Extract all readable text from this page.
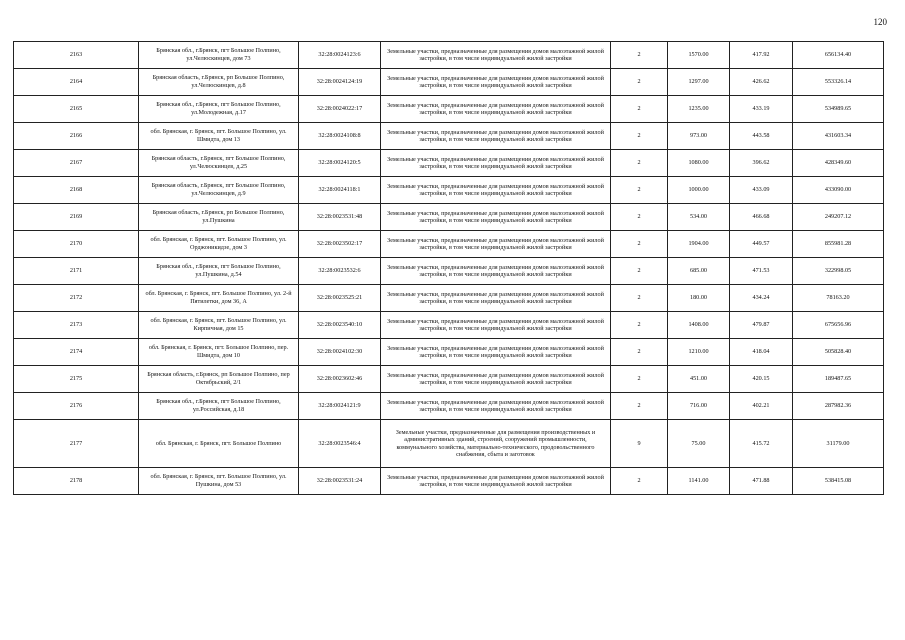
120
2163	Брянская обл., г.Брянск, пгт Большое Полпино, ул.Челюскинцев, дом 73	32:28:0024123:6	Земельные участки, предназначенные для размещения домов малоэтажной жилой застройки, в том числе индивидуальной жилой застройки	2	1570.00	417.92	656134.40
2164	Брянская область, г.Брянск, рп Большое Полпино, ул.Челюскинцев, д.8	32:28:0024124:19	Земельные участки, предназначенные для размещения домов малоэтажной жилой застройки, в том числе индивидуальной жилой застройки	2	1297.00	426.62	553326.14
2165	Брянская обл., г.Брянск, пгт Большое Полпино, ул.Молодежная, д.17	32:28:0024022:17	Земельные участки, предназначенные для размещения домов малоэтажной жилой застройки, в том числе индивидуальной жилой застройки	2	1235.00	433.19	534989.65
2166	обл. Брянская, г. Брянск, пгт. Большое Полпино, ул. Шмидта, дом 13	32:28:0024108:8	Земельные участки, предназначенные для размещения домов малоэтажной жилой застройки, в том числе индивидуальной жилой застройки	2	973.00	443.58	431603.34
2167	Брянская область, г.Брянск, пгт Большое Полпино, ул.Челюскинцев, д.25	32:28:0024120:5	Земельные участки, предназначенные для размещения домов малоэтажной жилой застройки, в том числе индивидуальной жилой застройки	2	1080.00	396.62	428349.60
2168	Брянская область, г.Брянск, пгт Большое Полпино, ул.Челюскинцев, д.9	32:28:0024118:1	Земельные участки, предназначенные для размещения домов малоэтажной жилой застройки, в том числе индивидуальной жилой застройки	2	1000.00	433.09	433090.00
2169	Брянская область, г.Брянск, рп Большое Полпино, ул.Пушкина	32:28:0023531:48	Земельные участки, предназначенные для размещения домов малоэтажной жилой застройки, в том числе индивидуальной жилой застройки	2	534.00	466.68	249207.12
2170	обл. Брянская, г. Брянск, пгт. Большое Полпино, ул. Орджоникидзе, дом 3	32:28:0023502:17	Земельные участки, предназначенные для размещения домов малоэтажной жилой застройки, в том числе индивидуальной жилой застройки	2	1904.00	449.57	855981.28
2171	Брянская обл., г.Брянск, пгт Большое Полпино, ул.Пушкина, д.54	32:28:0023532:6	Земельные участки, предназначенные для размещения домов малоэтажной жилой застройки, в том числе индивидуальной жилой застройки	2	685.00	471.53	322998.05
2172	обл. Брянская, г. Брянск, пгт. Большое Полпино, ул. 2-й Пятилетки, дом 36, А	32:28:0023525:21	Земельные участки, предназначенные для размещения домов малоэтажной жилой застройки, в том числе индивидуальной жилой застройки	2	180.00	434.24	78163.20
2173	обл. Брянская, г. Брянск, пгт. Большое Полпино, ул. Кирпичная, дом 15	32:28:0023540:10	Земельные участки, предназначенные для размещения домов малоэтажной жилой застройки, в том числе индивидуальной жилой застройки	2	1408.00	479.87	675656.96
2174	обл. Брянская, г. Брянск, пгт. Большое Полпино, пер. Шмидта, дом 10	32:28:0024102:30	Земельные участки, предназначенные для размещения домов малоэтажной жилой застройки, в том числе индивидуальной жилой застройки	2	1210.00	418.04	505828.40
2175	Брянская область, г.Брянск, рп Большое Полпино, пер Октябрьский, 2/1	32:28:0023602:46	Земельные участки, предназначенные для размещения домов малоэтажной жилой застройки, в том числе индивидуальной жилой застройки	2	451.00	420.15	189487.65
2176	Брянская обл., г.Брянск, пгт Большое Полпино, ул.Российская, д.18	32:28:0024121:9	Земельные участки, предназначенные для размещения домов малоэтажной жилой застройки, в том числе индивидуальной жилой застройки	2	716.00	402.21	287982.36
2177	обл. Брянская, г. Брянск, пгт. Большое Полпино	32:28:0023546:4	Земельные участки, предназначенные для размещения производственных и административных зданий, строений, сооружений промышленности, коммунального хозяйства, материально-технического, продовольственного снабжения, сбыта и заготовок	9	75.00	415.72	31179.00
2178	обл. Брянская, г. Брянск, пгт. Большое Полпино, ул. Пушкина, дом 53	32:28:0023531:24	Земельные участки, предназначенные для размещения домов малоэтажной жилой застройки, в том числе индивидуальной жилой застройки	2	1141.00	471.88	538415.08
